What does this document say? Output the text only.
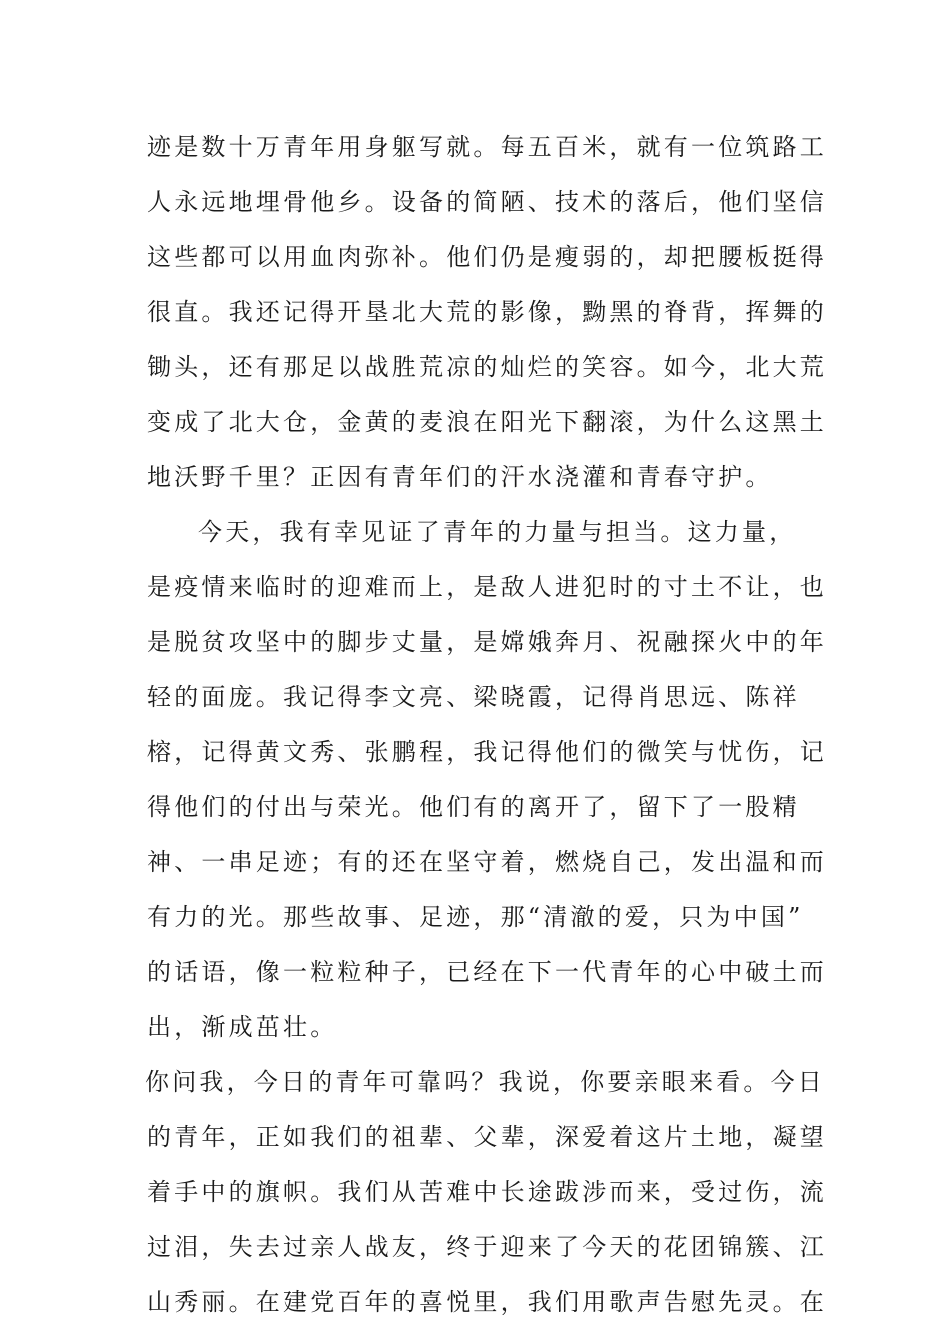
迹是数十万青年用身躯写就。每五百米，就有一位筑路工
人永远地埋骨他乡。设备的简陋、技术的落后，他们坚信
这些都可以用血肉弥补。他们仍是瘦弱的，却把腰板挺得
很直。我还记得开垦北大荒的影像，黝黑的脊背，挥舞的
锄头，还有那足以战胜荒凉的灿烂的笑容。如今，北大荒
变成了北大仓，金黄的麦浪在阳光下翻滚，为什么这黑土
地沃野千里？正因有青年们的汗水浇灌和青春守护。
今天，我有幸见证了青年的力量与担当。这力量，
是疫情来临时的迎难而上，是敌人进犯时的寸土不让，也
是脱贫攻坚中的脚步丈量，是嫦娥奔月、祝融探火中的年
轻的面庞。我记得李文亮、梁晓霞，记得肖思远、陈祥
榕，记得黄文秀、张鹏程，我记得他们的微笑与忧伤，记
得他们的付出与荣光。他们有的离开了，留下了一股精
神、一串足迹；有的还在坚守着，燃烧自己，发出温和而
有力的光。那些故事、足迹，那“清澈的爱，只为中国”
的话语，像一粒粒种子，已经在下一代青年的心中破土而
出，渐成茁壮。
你问我，今日的青年可靠吗？我说，你要亲眼来看。今日
的青年，正如我们的祖辈、父辈，深爱着这片土地，凝望
着手中的旗帜。我们从苦难中长途跋涉而来，受过伤，流
过泪，失去过亲人战友，终于迎来了今天的花团锦簇、江
山秀丽。在建党百年的喜悦里，我们用歌声告慰先灵。在
